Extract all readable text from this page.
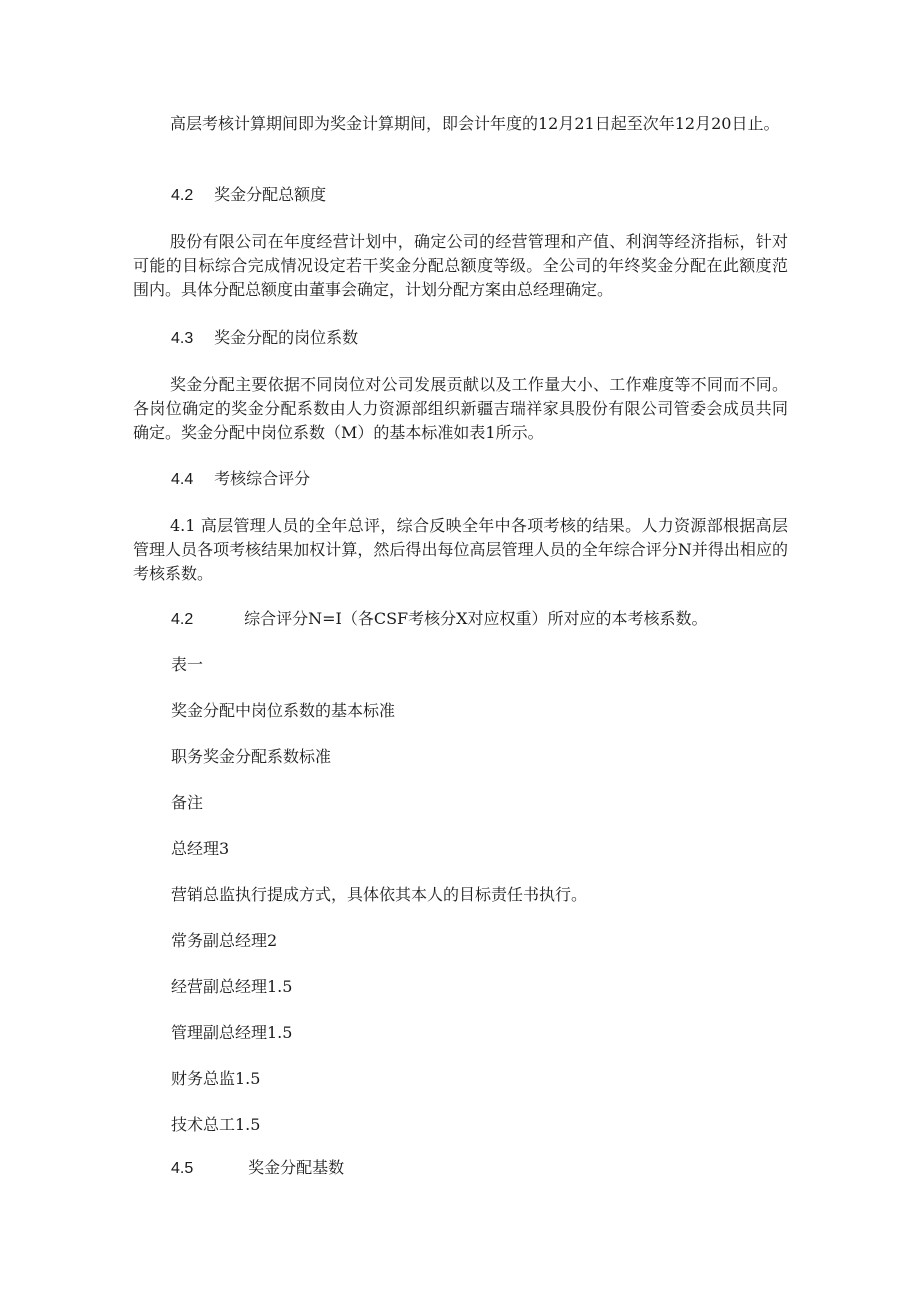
高层考核计算期间即为奖金计算期间，即会计年度的12月21日起至次年12月20日止。

4.2 奖金分配总额度

股份有限公司在年度经营计划中，确定公司的经营管理和产值、利润等经济指标，针对可能的目标综合完成情况设定若干奖金分配总额度等级。全公司的年终奖金分配在此额度范围内。具体分配总额度由董事会确定，计划分配方案由总经理确定。

4.3 奖金分配的岗位系数

奖金分配主要依据不同岗位对公司发展贡献以及工作量大小、工作难度等不同而不同。各岗位确定的奖金分配系数由人力资源部组织新疆吉瑞祥家具股份有限公司管委会成员共同确定。奖金分配中岗位系数（M）的基本标准如表1所示。

4.4 考核综合评分

4.1 高层管理人员的全年总评，综合反映全年中各项考核的结果。人力资源部根据高层管理人员各项考核结果加权计算，然后得出每位高层管理人员的全年综合评分N并得出相应的考核系数。

4.2	综合评分N=I（各CSF考核分X对应权重）所对应的本考核系数。
表一
奖金分配中岗位系数的基本标准
职务奖金分配系数标准
备注
总经理3
营销总监执行提成方式，具体依其本人的目标责任书执行。
常务副总经理2
经营副总经理1.5
管理副总经理1.5
财务总监1.5
技术总工1.5
4.5	奖金分配基数
